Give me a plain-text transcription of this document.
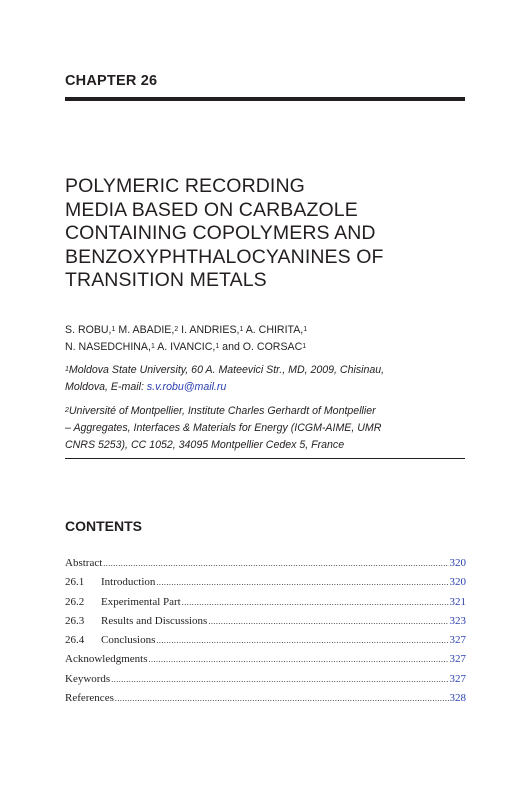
CHAPTER 26
POLYMERIC RECORDING
MEDIA BASED ON CARBAZOLE
CONTAINING COPOLYMERS AND
BENZOXYPHTHALOCYANINES OF
TRANSITION METALS
S. ROBU,$^1$ M. ABADIE,$^2$ I. ANDRIES,$^1$ A. CHIRITA,$^1$
N. NASEDCHINA,$^1$ A. IVANCIC,$^1$ and O. CORSAC$^1$
$^1$Moldova State University, 60 A. Mateevici Str., MD, 2009, Chisinau,
Moldova, E-mail: s.v.robu@mail.ru
$^2$Université of Montpellier, Institute Charles Gerhardt of Montpellier
– Aggregates, Interfaces & Materials for Energy (ICGM-AIME, UMR
CNRS 5253), CC 1052, 34095 Montpellier Cedex 5, France
CONTENTS
Abstract .....	320
26.1	Introduction .....	320
26.2	Experimental Part .....	321
26.3	Results and Discussions .....	323
26.4	Conclusions .....	327
Acknowledgments .....	327
Keywords .....	327
References .....	328
